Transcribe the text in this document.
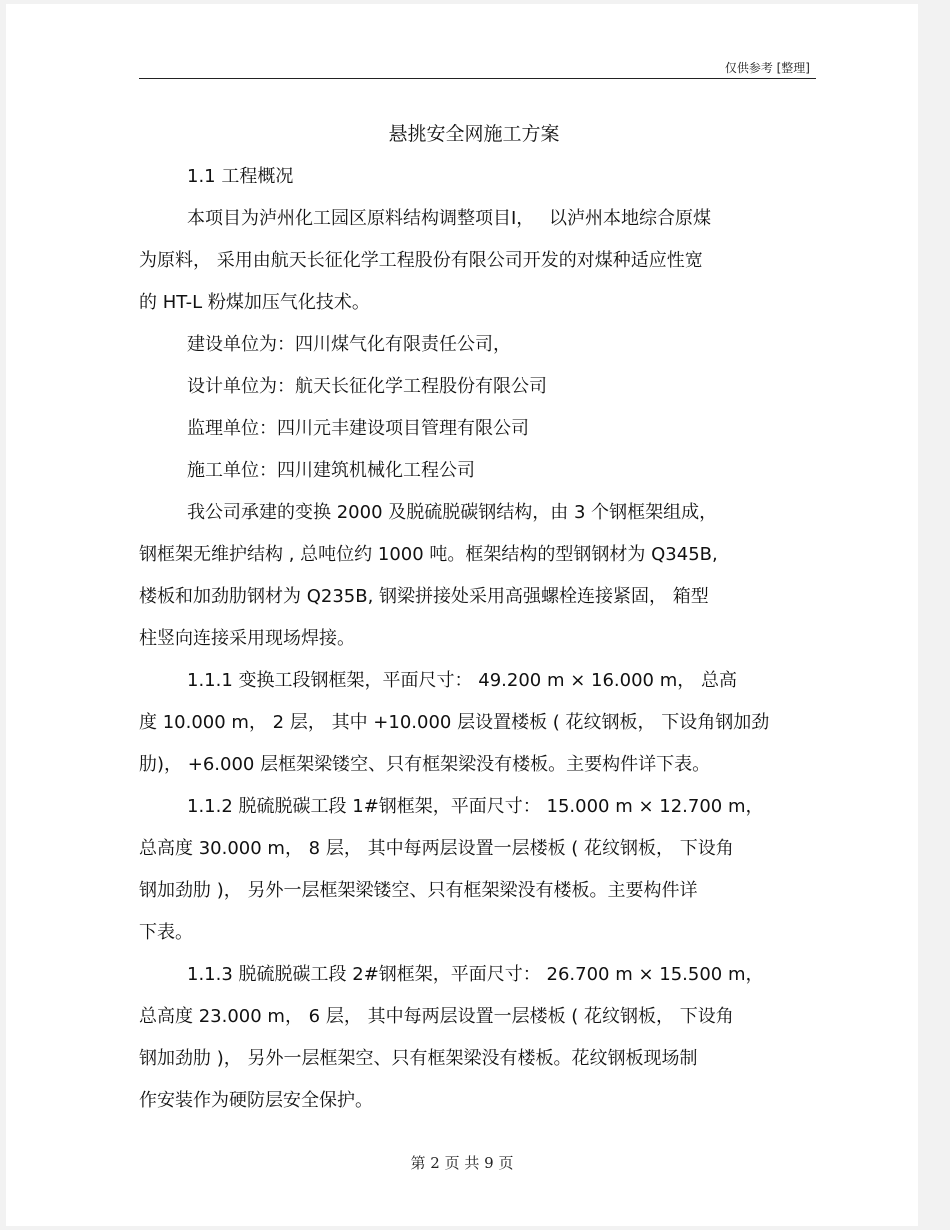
仅供参考 [整理]
悬挑安全网施工方案
1.1 工程概况
本项目为泸州化工园区原料结构调整项目Ⅰ，　 以泸州本地综合原煤
为原料， 采用由航天长征化学工程股份有限公司开发的对煤种适应性宽
的 HT-L 粉煤加压气化技术。
建设单位为：四川煤气化有限责任公司，
设计单位为：航天长征化学工程股份有限公司
监理单位：四川元丰建设项目管理有限公司
施工单位：四川建筑机械化工程公司
我公司承建的变换 2000 及脱硫脱碳钢结构，由 3 个钢框架组成，
钢框架无维护结构 , 总吨位约 1000 吨。框架结构的型钢钢材为 Q345B,
楼板和加劲肋钢材为 Q235B, 钢梁拼接处采用高强螺栓连接紧固， 箱型
柱竖向连接采用现场焊接。
1.1.1 变换工段钢框架，平面尺寸： 49.200 m × 16.000 m， 总高
度 10.000 m， 2 层， 其中 +10.000 层设置楼板 ( 花纹钢板， 下设角钢加劲
肋)， +6.000 层框架梁镂空、只有框架梁没有楼板。主要构件详下表。
1.1.2 脱硫脱碳工段 1#钢框架，平面尺寸： 15.000 m × 12.700 m，
总高度 30.000 m， 8 层， 其中每两层设置一层楼板 ( 花纹钢板， 下设角
钢加劲肋 )， 另外一层框架梁镂空、只有框架梁没有楼板。主要构件详
下表。
1.1.3 脱硫脱碳工段 2#钢框架，平面尺寸： 26.700 m × 15.500 m，
总高度 23.000 m， 6 层， 其中每两层设置一层楼板 ( 花纹钢板， 下设角
钢加劲肋 )， 另外一层框架空、只有框架梁没有楼板。花纹钢板现场制
作安装作为硬防层安全保护。
第 2 页 共 9 页
